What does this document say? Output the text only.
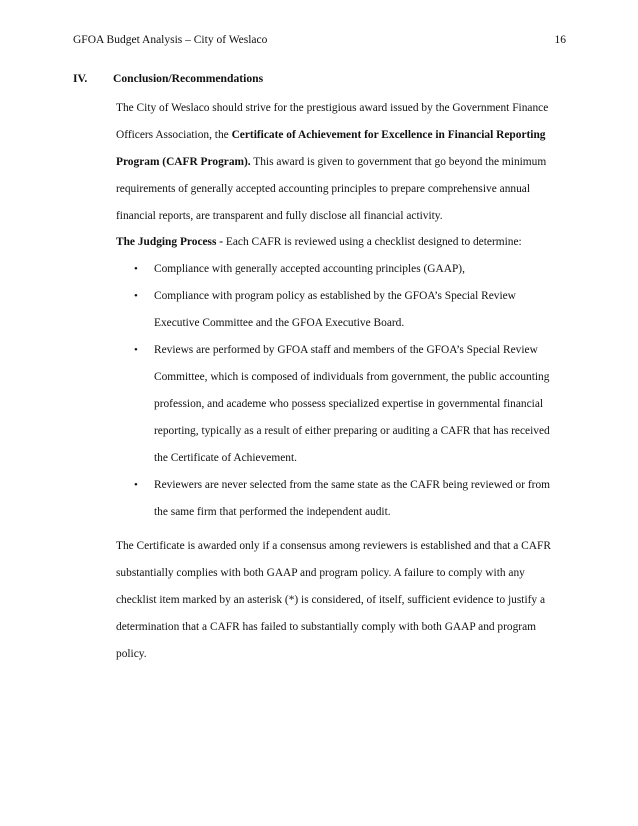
GFOA Budget Analysis – City of Weslaco	16
IV. Conclusion/Recommendations
The City of Weslaco should strive for the prestigious award issued by the Government Finance
Officers Association, the Certificate of Achievement for Excellence in Financial Reporting
Program (CAFR Program). This award is given to government that go beyond the minimum
requirements of generally accepted accounting principles to prepare comprehensive annual
financial reports, are transparent and fully disclose all financial activity.
The Judging Process - Each CAFR is reviewed using a checklist designed to determine:
• Compliance with generally accepted accounting principles (GAAP),
• Compliance with program policy as established by the GFOA’s Special Review
Executive Committee and the GFOA Executive Board.
• Reviews are performed by GFOA staff and members of the GFOA’s Special Review
Committee, which is composed of individuals from government, the public accounting
profession, and academe who possess specialized expertise in governmental financial
reporting, typically as a result of either preparing or auditing a CAFR that has received
the Certificate of Achievement.
• Reviewers are never selected from the same state as the CAFR being reviewed or from
the same firm that performed the independent audit.
The Certificate is awarded only if a consensus among reviewers is established and that a CAFR
substantially complies with both GAAP and program policy. A failure to comply with any
checklist item marked by an asterisk (*) is considered, of itself, sufficient evidence to justify a
determination that a CAFR has failed to substantially comply with both GAAP and program
policy.
